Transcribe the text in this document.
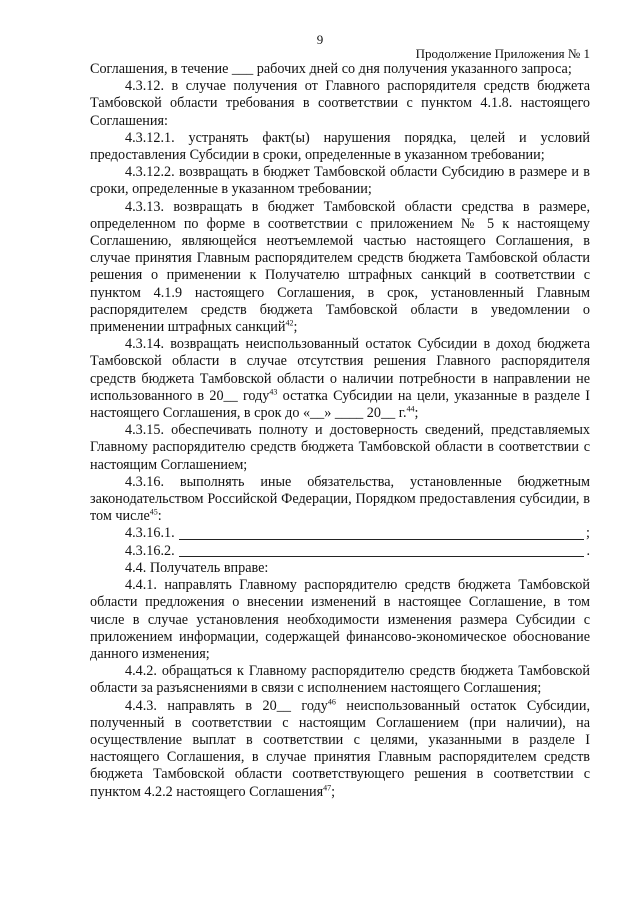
9
Продолжение Приложения № 1

Соглашения, в течение ___ рабочих дней со дня получения указанного запроса;

4.3.12. в случае получения от Главного распорядителя средств бюджета Тамбовской области требования в соответствии с пунктом 4.1.8. настоящего Соглашения:

4.3.12.1. устранять факт(ы) нарушения порядка, целей и условий предоставления Субсидии в сроки, определенные в указанном требовании;

4.3.12.2. возвращать в бюджет Тамбовской области Субсидию в размере и в сроки, определенные в указанном требовании;

4.3.13. возвращать в бюджет Тамбовской области средства в размере, определенном по форме в соответствии с приложением № 5 к настоящему Соглашению, являющейся неотъемлемой частью настоящего Соглашения, в случае принятия Главным распорядителем средств бюджета Тамбовской области решения о применении к Получателю штрафных санкций в соответствии с пунктом 4.1.9 настоящего Соглашения, в срок, установленный Главным распорядителем средств бюджета Тамбовской области в уведомлении о применении штрафных санкций$^{42}$;

4.3.14. возвращать неиспользованный остаток Субсидии в доход бюджета Тамбовской области в случае отсутствия решения Главного распорядителя средств бюджета Тамбовской области о наличии потребности в направлении не использованного в 20__ году$^{43}$ остатка Субсидии на цели, указанные в разделе I настоящего Соглашения, в срок до «__» ____ 20__ г.$^{44}$;

4.3.15. обеспечивать полноту и достоверность сведений, представляемых Главному распорядителю средств бюджета Тамбовской области в соответствии с настоящим Соглашением;

4.3.16. выполнять иные обязательства, установленные бюджетным законодательством Российской Федерации, Порядком предоставления субсидии, в том числе$^{45}$:

4.3.16.1.	;
4.3.16.2.	.

4.4. Получатель вправе:

4.4.1. направлять Главному распорядителю средств бюджета Тамбовской области предложения о внесении изменений в настоящее Соглашение, в том числе в случае установления необходимости изменения размера Субсидии с приложением информации, содержащей финансово-экономическое обоснование данного изменения;

4.4.2. обращаться к Главному распорядителю средств бюджета Тамбовской области за разъяснениями в связи с исполнением настоящего Соглашения;

4.4.3. направлять в 20__ году$^{46}$ неиспользованный остаток Субсидии, полученный в соответствии с настоящим Соглашением (при наличии), на осуществление выплат в соответствии с целями, указанными в разделе I настоящего Соглашения, в случае принятия Главным распорядителем средств бюджета Тамбовской области соответствующего решения в соответствии с пунктом 4.2.2 настоящего Соглашения$^{47}$;
